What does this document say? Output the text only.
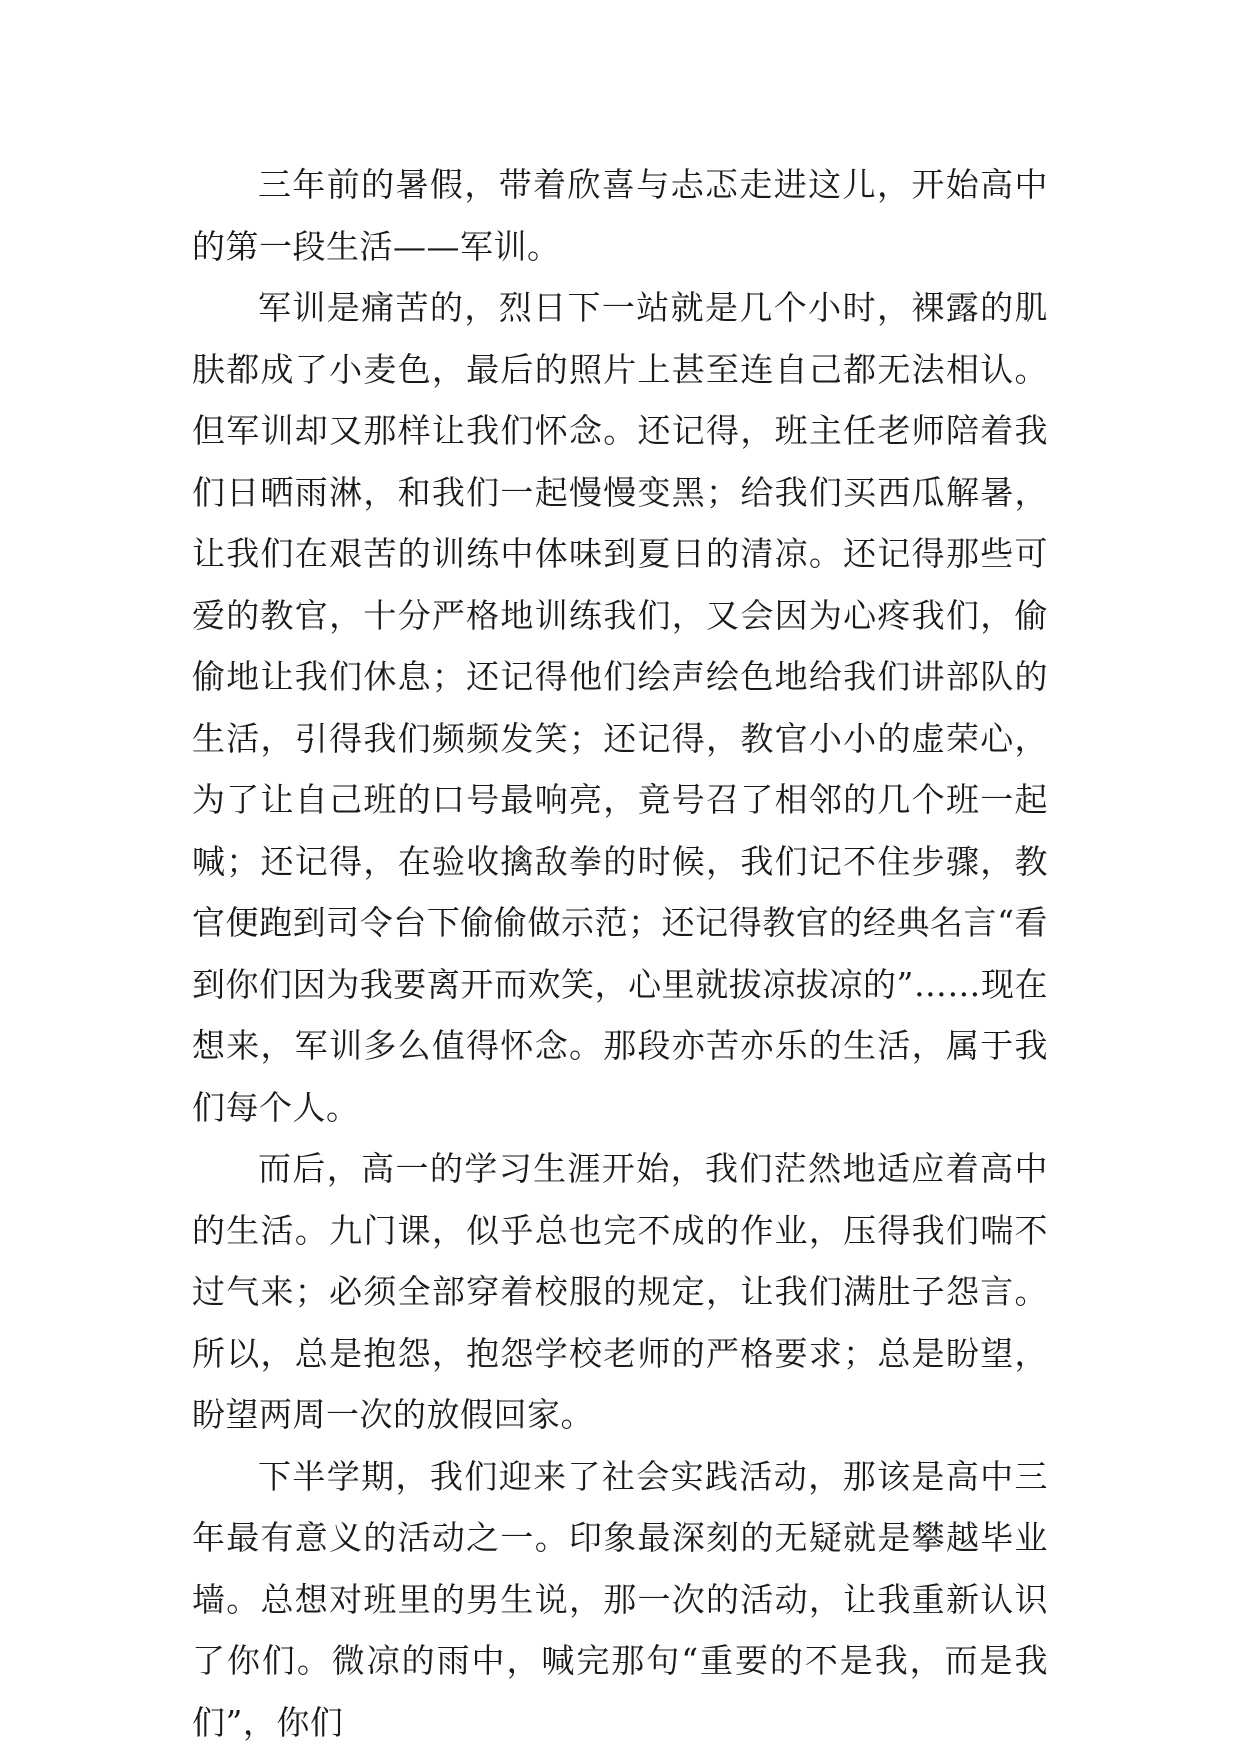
三年前的暑假，带着欣喜与忐忑走进这儿，开始高中的第一段生活——军训。

军训是痛苦的，烈日下一站就是几个小时，裸露的肌肤都成了小麦色，最后的照片上甚至连自己都无法相认。但军训却又那样让我们怀念。还记得，班主任老师陪着我们日晒雨淋，和我们一起慢慢变黑；给我们买西瓜解暑，让我们在艰苦的训练中体味到夏日的清凉。还记得那些可爱的教官，十分严格地训练我们，又会因为心疼我们，偷偷地让我们休息；还记得他们绘声绘色地给我们讲部队的生活，引得我们频频发笑；还记得，教官小小的虚荣心，为了让自己班的口号最响亮，竟号召了相邻的几个班一起喊；还记得，在验收擒敌拳的时候，我们记不住步骤，教官便跑到司令台下偷偷做示范；还记得教官的经典名言“看到你们因为我要离开而欢笑，心里就拔凉拔凉的”……现在想来，军训多么值得怀念。那段亦苦亦乐的生活，属于我们每个人。

而后，高一的学习生涯开始，我们茫然地适应着高中的生活。九门课，似乎总也完不成的作业，压得我们喘不过气来；必须全部穿着校服的规定，让我们满肚子怨言。所以，总是抱怨，抱怨学校老师的严格要求；总是盼望，盼望两周一次的放假回家。

下半学期，我们迎来了社会实践活动，那该是高中三年最有意义的活动之一。印象最深刻的无疑就是攀越毕业墙。总想对班里的男生说，那一次的活动，让我重新认识了你们。微凉的雨中，喊完那句“重要的不是我，而是我们”，你们
